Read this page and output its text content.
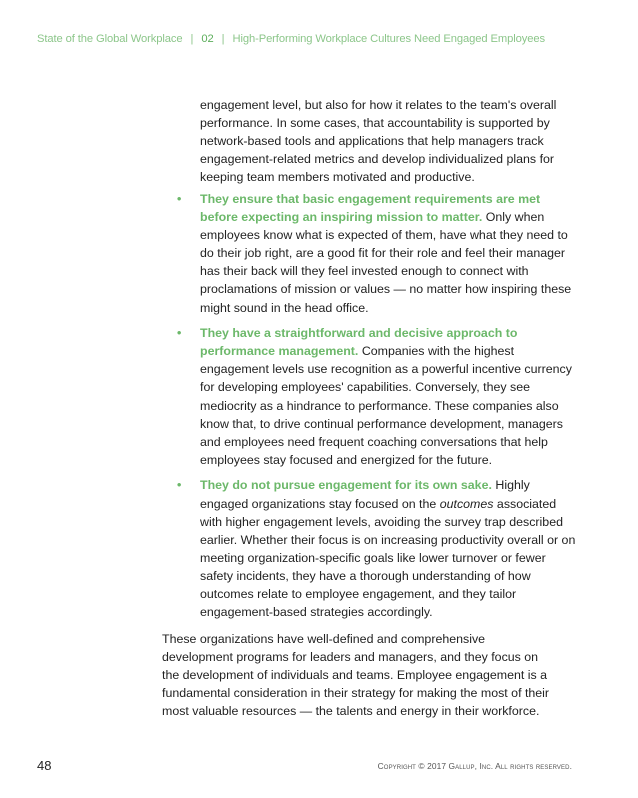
State of the Global Workplace | 02 | High-Performing Workplace Cultures Need Engaged Employees

engagement level, but also for how it relates to the team's overall performance. In some cases, that accountability is supported by network-based tools and applications that help managers track engagement-related metrics and develop individualized plans for keeping team members motivated and productive.

• They ensure that basic engagement requirements are met before expecting an inspiring mission to matter. Only when employees know what is expected of them, have what they need to do their job right, are a good fit for their role and feel their manager has their back will they feel invested enough to connect with proclamations of mission or values — no matter how inspiring these might sound in the head office.
• They have a straightforward and decisive approach to performance management. Companies with the highest engagement levels use recognition as a powerful incentive currency for developing employees' capabilities. Conversely, they see mediocrity as a hindrance to performance. These companies also know that, to drive continual performance development, managers and employees need frequent coaching conversations that help employees stay focused and energized for the future.
• They do not pursue engagement for its own sake. Highly engaged organizations stay focused on the outcomes associated with higher engagement levels, avoiding the survey trap described earlier. Whether their focus is on increasing productivity overall or on meeting organization-specific goals like lower turnover or fewer safety incidents, they have a thorough understanding of how outcomes relate to employee engagement, and they tailor engagement-based strategies accordingly.

These organizations have well-defined and comprehensive development programs for leaders and managers, and they focus on the development of individuals and teams. Employee engagement is a fundamental consideration in their strategy for making the most of their most valuable resources — the talents and energy in their workforce.

48	Copyright © 2017 Gallup, Inc. All rights reserved.
